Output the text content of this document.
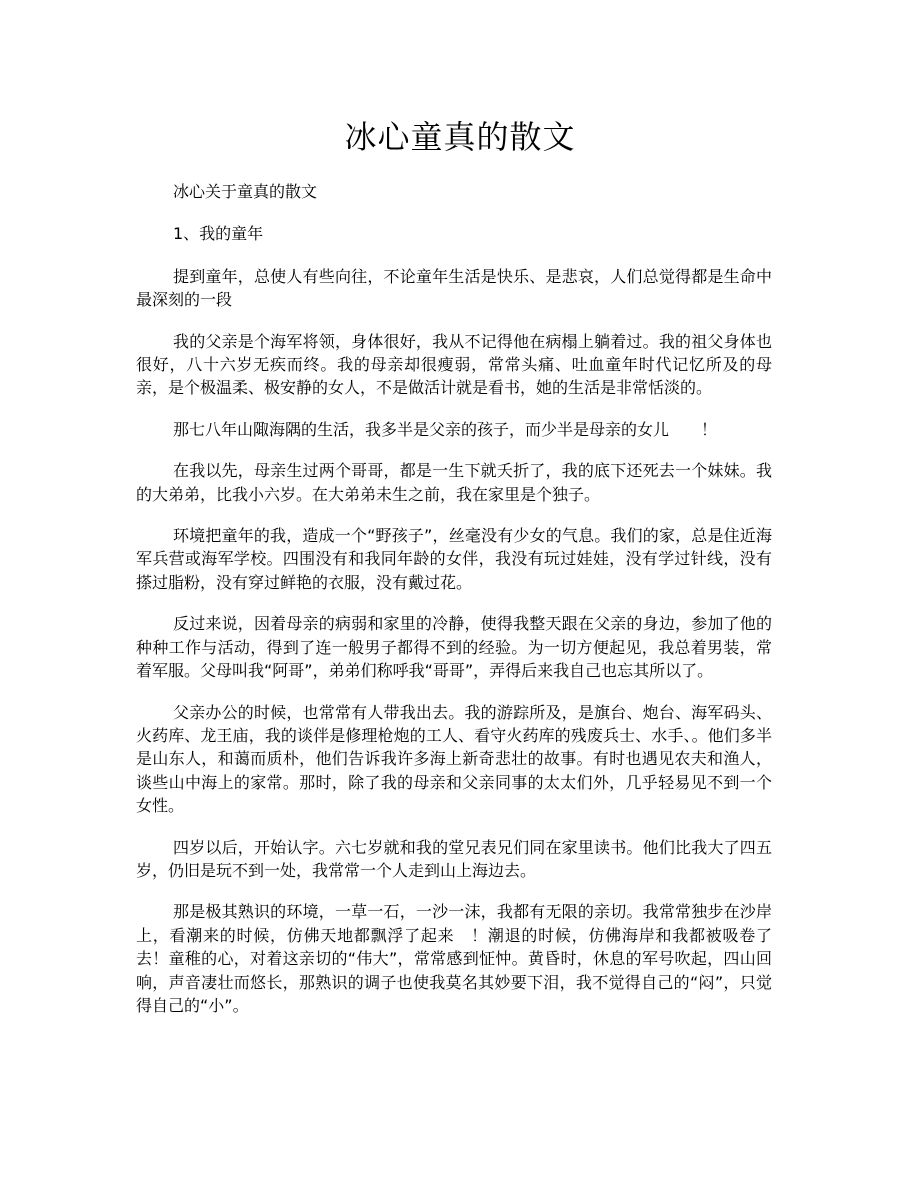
冰心童真的散文

冰心关于童真的散文

1、我的童年

提到童年，总使人有些向往，不论童年生活是快乐、是悲哀，人们总觉得都是生命中最深刻的一段

我的父亲是个海军将领，身体很好，我从不记得他在病榻上躺着过。我的祖父身体也很好，八十六岁无疾而终。我的母亲却很瘦弱，常常头痛、吐血童年时代记忆所及的母亲，是个极温柔、极安静的女人，不是做活计就是看书，她的生活是非常恬淡的。

那七八年山陬海隅的生活，我多半是父亲的孩子，而少半是母亲的女儿　　！

在我以先，母亲生过两个哥哥，都是一生下就夭折了，我的底下还死去一个妹妹。我的大弟弟，比我小六岁。在大弟弟未生之前，我在家里是个独子。

环境把童年的我，造成一个“野孩子”，丝毫没有少女的气息。我们的家，总是住近海军兵营或海军学校。四围没有和我同年龄的女伴，我没有玩过娃娃，没有学过针线，没有搽过脂粉，没有穿过鲜艳的衣服，没有戴过花。

反过来说，因着母亲的病弱和家里的冷静，使得我整天跟在父亲的身边，参加了他的种种工作与活动，得到了连一般男子都得不到的经验。为一切方便起见，我总着男装，常着军服。父母叫我“阿哥”，弟弟们称呼我“哥哥”，弄得后来我自己也忘其所以了。

父亲办公的时候，也常常有人带我出去。我的游踪所及，是旗台、炮台、海军码头、火药库、龙王庙，我的谈伴是修理枪炮的工人、看守火药库的残废兵士、水手、。他们多半是山东人，和蔼而质朴，他们告诉我许多海上新奇悲壮的故事。有时也遇见农夫和渔人，谈些山中海上的家常。那时，除了我的母亲和父亲同事的太太们外，几乎轻易见不到一个女性。

四岁以后，开始认字。六七岁就和我的堂兄表兄们同在家里读书。他们比我大了四五岁，仍旧是玩不到一处，我常常一个人走到山上海边去。

那是极其熟识的环境，一草一石，一沙一沫，我都有无限的亲切。我常常独步在沙岸上，看潮来的时候，仿佛天地都飘浮了起来　！潮退的时候，仿佛海岸和我都被吸卷了去！童稚的心，对着这亲切的“伟大”，常常感到怔忡。黄昏时，休息的军号吹起，四山回响，声音凄壮而悠长，那熟识的调子也使我莫名其妙要下泪，我不觉得自己的“闷”，只觉得自己的“小”。
